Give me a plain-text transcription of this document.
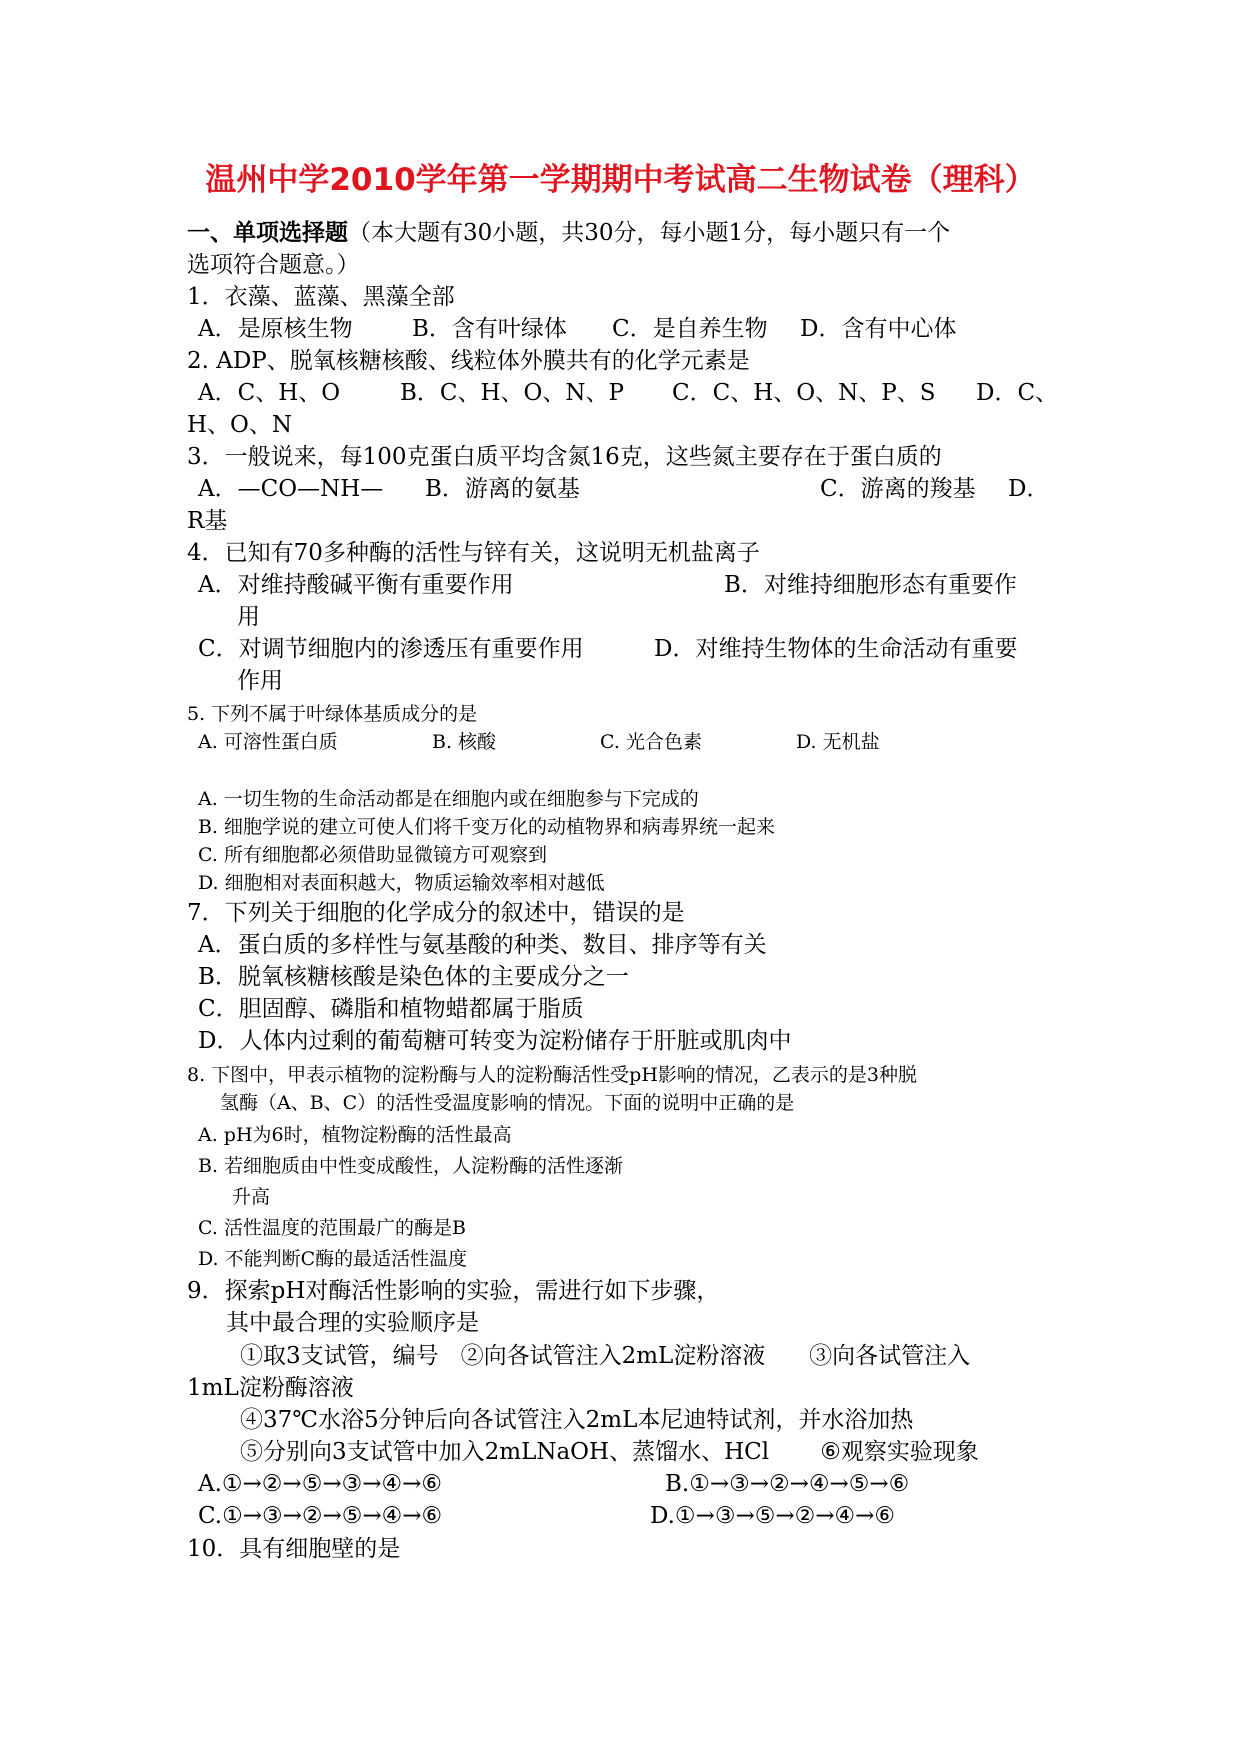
温州中学2010学年第一学期期中考试高二生物试卷（理科）
一、单项选择题（本大题有30小题，共30分，每小题1分，每小题只有一个
选项符合题意。）
1．衣藻、蓝藻、黑藻全部
A．是原核生物	B．含有叶绿体 C．是自养生物 D．含有中心体
2. ADP、脱氧核糖核酸、线粒体外膜共有的化学元素是
A．C、H、O	B．C、H、O、N、P C．C、H、O、N、P、S D．C、
H、O、N
3．一般说来，每100克蛋白质平均含氮16克，这些氮主要存在于蛋白质的
A．—CO—NH— B．游离的氨基	C．游离的羧基 D．
R基
4．已知有70多种酶的活性与锌有关，这说明无机盐离子
A．对维持酸碱平衡有重要作用	B．对维持细胞形态有重要作
用
C．对调节细胞内的渗透压有重要作用	D．对维持生物体的生命活动有重要
作用
5. 下列不属于叶绿体基质成分的是
A. 可溶性蛋白质	B. 核酸	C. 光合色素	D. 无机盐
A. 一切生物的生命活动都是在细胞内或在细胞参与下完成的
B. 细胞学说的建立可使人们将千变万化的动植物界和病毒界统一起来
C. 所有细胞都必须借助显微镜方可观察到
D. 细胞相对表面积越大，物质运输效率相对越低
7．下列关于细胞的化学成分的叙述中，错误的是
A．蛋白质的多样性与氨基酸的种类、数目、排序等有关
B．脱氧核糖核酸是染色体的主要成分之一
C．胆固醇、磷脂和植物蜡都属于脂质
D．人体内过剩的葡萄糖可转变为淀粉储存于肝脏或肌肉中
8. 下图中，甲表示植物的淀粉酶与人的淀粉酶活性受pH影响的情况，乙表示的是3种脱
氢酶（A、B、C）的活性受温度影响的情况。下面的说明中正确的是
A. pH为6时，植物淀粉酶的活性最高
B. 若细胞质由中性变成酸性，人淀粉酶的活性逐渐
升高
C. 活性温度的范围最广的酶是B
D. 不能判断C酶的最适活性温度
9．探索pH对酶活性影响的实验，需进行如下步骤，
其中最合理的实验顺序是
①取3支试管，编号   ②向各试管注入2mL淀粉溶液      ③向各试管注入
1mL淀粉酶溶液
④37℃水浴5分钟后向各试管注入2mL本尼迪特试剂，并水浴加热
⑤分别向3支试管中加入2mLNaOH、蒸馏水、HCl       ⑥观察实验现象
A.①→②→⑤→③→④→⑥	B.①→③→②→④→⑤→⑥
C.①→③→②→⑤→④→⑥	D.①→③→⑤→②→④→⑥
10．具有细胞壁的是
